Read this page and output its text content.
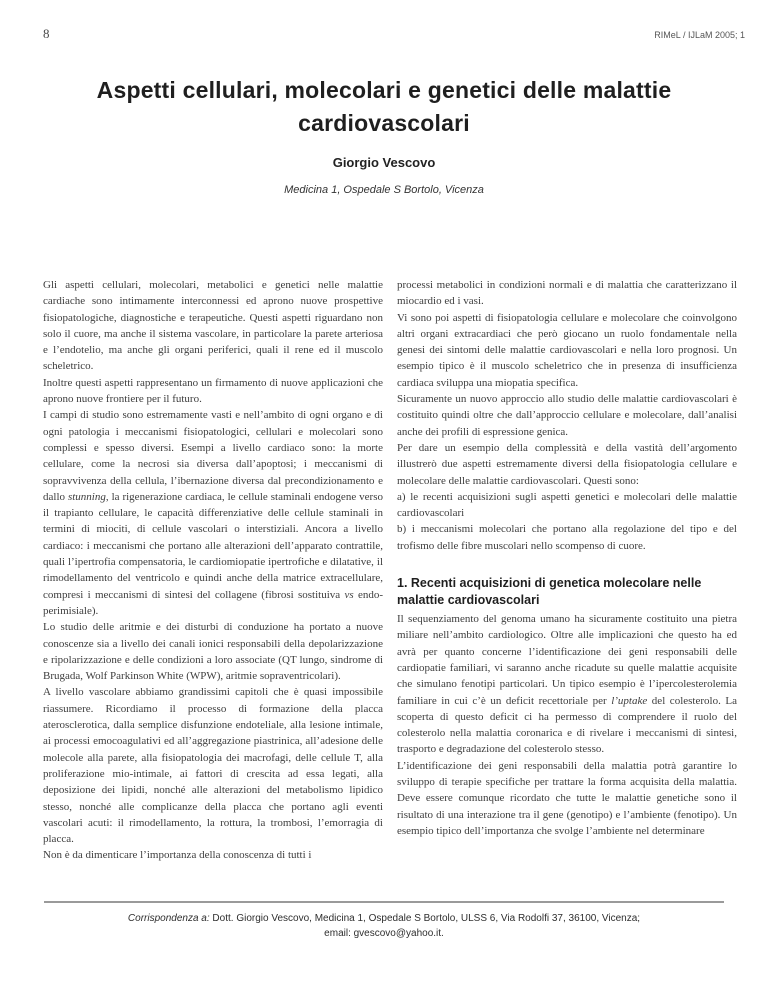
8	RIMeL / IJLaM 2005; 1
Aspetti cellulari, molecolari e genetici delle malattie cardiovascolari
Giorgio Vescovo
Medicina 1, Ospedale S Bortolo, Vicenza

Gli aspetti cellulari, molecolari, metabolici e genetici nelle malattie cardiache sono intimamente interconnessi ed aprono nuove prospettive fisiopatologiche, diagnostiche e terapeutiche. Questi aspetti riguardano non solo il cuore, ma anche il sistema vascolare, in particolare la parete arteriosa e l’endotelio, ma anche gli organi periferici, quali il rene ed il muscolo scheletrico.

Inoltre questi aspetti rappresentano un firmamento di nuove applicazioni che aprono nuove frontiere per il futuro.

I campi di studio sono estremamente vasti e nell’ambito di ogni organo e di ogni patologia i meccanismi fisiopatologici, cellulari e molecolari sono complessi e spesso diversi. Esempi a livello cardiaco sono: la morte cellulare, come la necrosi sia diversa dall’apoptosi; i meccanismi di sopravvivenza della cellula, l’ibernazione diversa dal precondizionamento e dallo stunning, la rigenerazione cardiaca, le cellule staminali endogene verso il trapianto cellulare, le capacità differenziative delle cellule staminali in termini di miociti, di cellule vascolari o interstiziali. Ancora a livello cardiaco: i meccanismi che portano alle alterazioni dell’apparato contrattile, quali l’ipertrofia compensatoria, le cardiomiopatie ipertrofiche e dilatative, il rimodellamento del ventricolo e quindi anche della matrice extracellulare, compresi i meccanismi di sintesi del collagene (fibrosi sostituiva vs endo-perimisiale).

Lo studio delle aritmie e dei disturbi di conduzione ha portato a nuove conoscenze sia a livello dei canali ionici responsabili della depolarizzazione e ripolarizzazione e delle condizioni a loro associate (QT lungo, sindrome di Brugada, Wolf Parkinson White (WPW), aritmie sopraventricolari).

A livello vascolare abbiamo grandissimi capitoli che è quasi impossibile riassumere. Ricordiamo il processo di formazione della placca aterosclerotica, dalla semplice disfunzione endoteliale, alla lesione intimale, ai processi emocoagulativi ed all’aggregazione piastrinica, all’adesione delle molecole alla parete, alla fisiopatologia dei macrofagi, delle cellule T, alla proliferazione mio-intimale, ai fattori di crescita ad essa legati, alla deposizione dei lipidi, nonché alle alterazioni del metabolismo lipidico stesso, nonché alle complicanze della placca che portano agli eventi vascolari acuti: il rimodellamento, la rottura, la trombosi, l’emorragia di placca.

Non è da dimenticare l’importanza della conoscenza di tutti i

processi metabolici in condizioni normali e di malattia che caratterizzano il miocardio ed i vasi.

Vi sono poi aspetti di fisiopatologia cellulare e molecolare che coinvolgono altri organi extracardiaci che però giocano un ruolo fondamentale nella genesi dei sintomi delle malattie cardiovascolari e nella loro prognosi. Un esempio tipico è il muscolo scheletrico che in presenza di insufficienza cardiaca sviluppa una miopatia specifica.

Sicuramente un nuovo approccio allo studio delle malattie cardiovascolari è costituito quindi oltre che dall’approccio cellulare e molecolare, dall’analisi anche dei profili di espressione genica.

Per dare un esempio della complessità e della vastità dell’argomento illustrerò due aspetti estremamente diversi della fisiopatologia cellulare e molecolare delle malattie cardiovascolari. Questi sono:

a) le recenti acquisizioni sugli aspetti genetici e molecolari delle malattie cardiovascolari

b) i meccanismi molecolari che portano alla regolazione del tipo e del trofismo delle fibre muscolari nello scompenso di cuore.

1. Recenti acquisizioni di genetica molecolare nelle malattie cardiovascolari

Il sequenziamento del genoma umano ha sicuramente costituito una pietra miliare nell’ambito cardiologico. Oltre alle implicazioni che questo ha ed avrà per quanto concerne l’identificazione dei geni responsabili delle cardiopatie familiari, vi saranno anche ricadute su quelle malattie acquisite che simulano fenotipi particolari. Un tipico esempio è l’ipercolesterolemia familiare in cui c’è un deficit recettoriale per l’uptake del colesterolo. La scoperta di questo deficit ci ha permesso di comprendere il ruolo del colesterolo nella malattia coronarica e di rivelare i meccanismi di sintesi, trasporto e degradazione del colesterolo stesso.

L’identificazione dei geni responsabili della malattia potrà garantire lo sviluppo di terapie specifiche per trattare la forma acquisita della malattia. Deve essere comunque ricordato che tutte le malattie genetiche sono il risultato di una interazione tra il gene (genotipo) e l’ambiente (fenotipo). Un esempio tipico dell’importanza che svolge l’ambiente nel determinare

Corrispondenza a: Dott. Giorgio Vescovo, Medicina 1, Ospedale S Bortolo, ULSS 6, Via Rodolfi 37, 36100, Vicenza;
email: gvescovo@yahoo.it.
